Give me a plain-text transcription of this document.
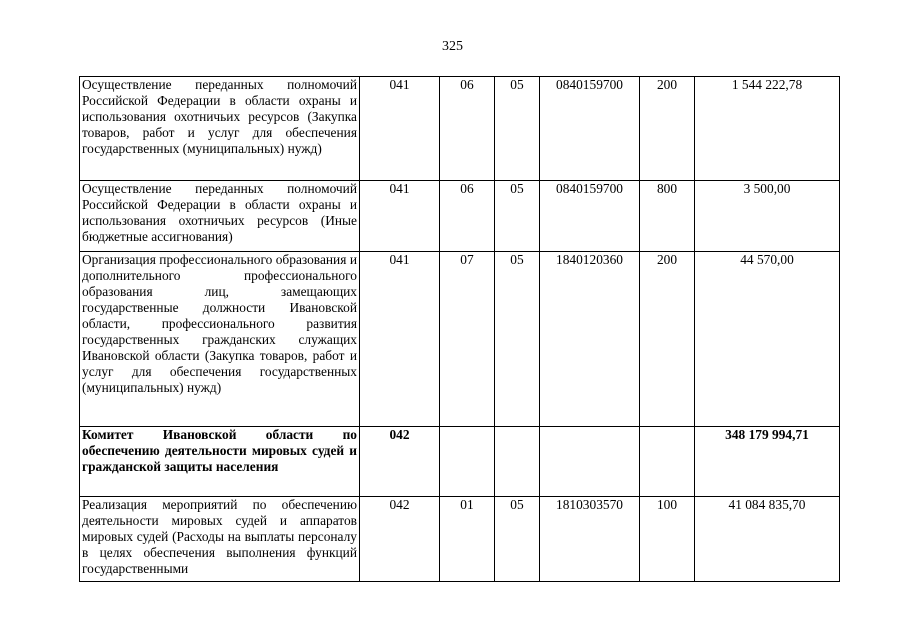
325
Осуществление переданных полномочий Российской Федерации в области охраны и использования охотничьих ресурсов (Закупка товаров, работ и услуг для обеспечения государственных (муниципальных) нужд)	041	06	05	0840159700	200	1 544 222,78
Осуществление переданных полномочий Российской Федерации в области охраны и использования охотничьих ресурсов (Иные бюджетные ассигнования)	041	06	05	0840159700	800	3 500,00
Организация профессионального образования и дополнительного профессионального образования лиц, замещающих государственные должности Ивановской области, профессионального развития государственных гражданских служащих Ивановской области (Закупка товаров, работ и услуг для обеспечения государственных (муниципальных) нужд)	041	07	05	1840120360	200	44 570,00
Комитет Ивановской области по обеспечению деятельности мировых судей и гражданской защиты населения	042					348 179 994,71
Реализация мероприятий по обеспечению деятельности мировых судей и аппаратов мировых судей (Расходы на выплаты персоналу в целях обеспечения выполнения функций государственными	042	01	05	1810303570	100	41 084 835,70
